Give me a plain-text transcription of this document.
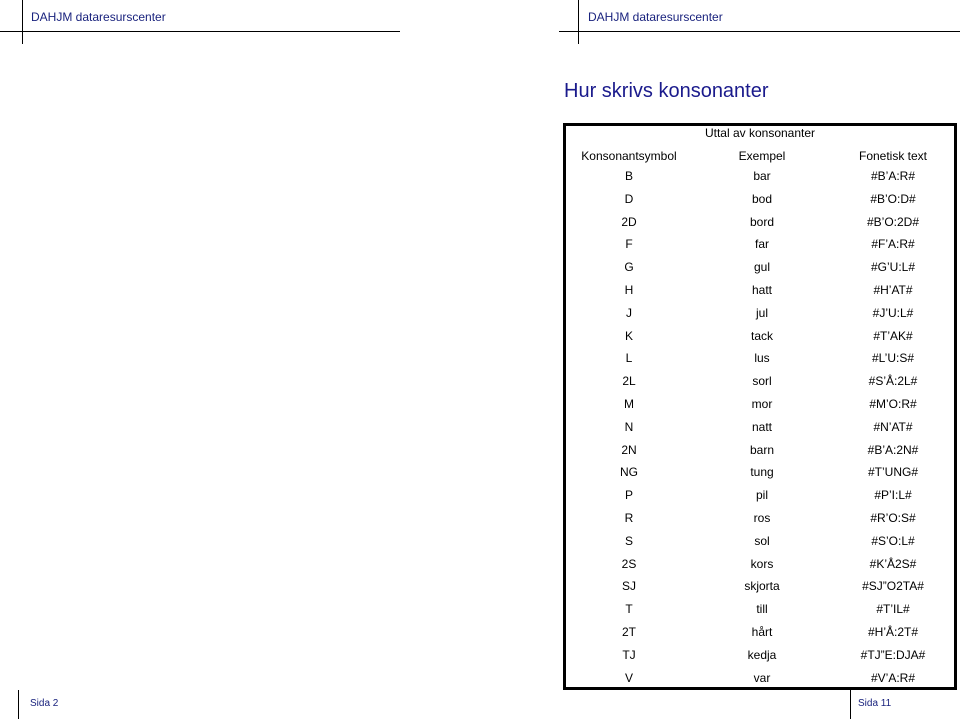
DAHJM dataresurscenter	DAHJM dataresurscenter
Hur skrivs konsonanter
Uttal av konsonanter
Konsonantsymbol	Exempel	Fonetisk text
B	bar	#B’A:R#
D	bod	#B’O:D#
2D	bord	#B’O:2D#
F	far	#F’A:R#
G	gul	#G’U:L#
H	hatt	#H’AT#
J	jul	#J’U:L#
K	tack	#T’AK#
L	lus	#L’U:S#
2L	sorl	#S’Å:2L#
M	mor	#M’O:R#
N	natt	#N’AT#
2N	barn	#B’A:2N#
NG	tung	#T’UNG#
P	pil	#P’I:L#
R	ros	#R’O:S#
S	sol	#S’O:L#
2S	kors	#K’Å2S#
SJ	skjorta	#SJ”O2TA#
T	till	#T’IL#
2T	hårt	#H’Å:2T#
TJ	kedja	#TJ”E:DJA#
V	var	#V’A:R#
Sida 2	Sida 11
